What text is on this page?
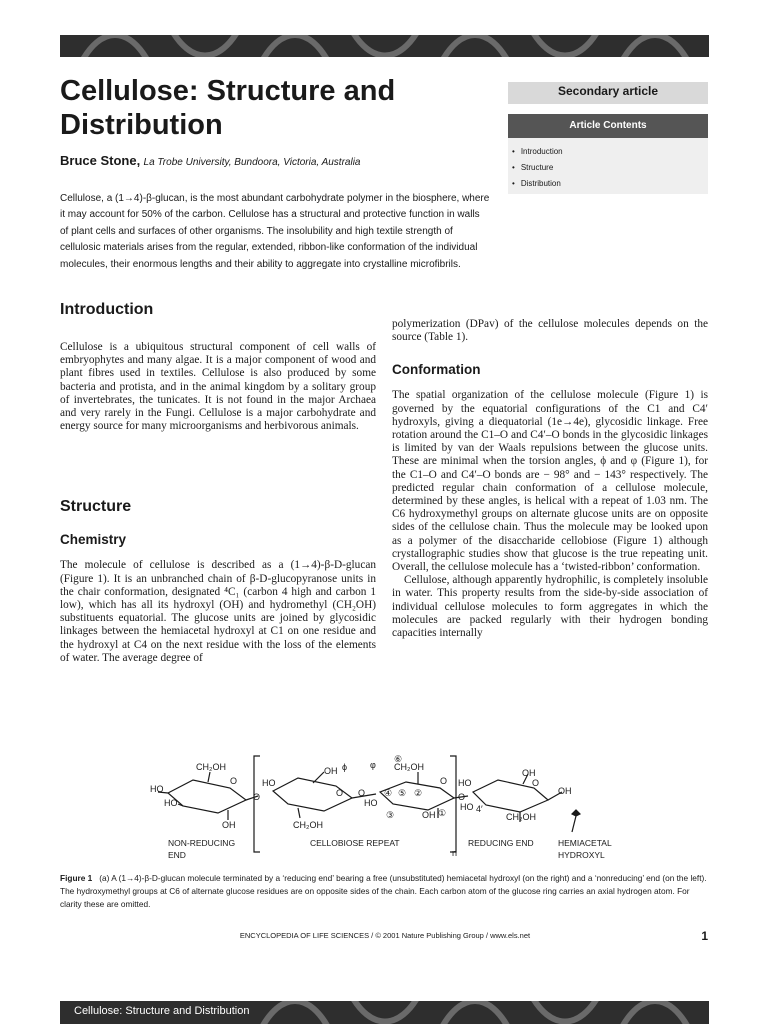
Cellulose: Structure and
Distribution
Bruce Stone, La Trobe University, Bundoora, Victoria, Australia
Cellulose, a (1→4)-β-glucan, is the most abundant carbohydrate polymer in the biosphere, where it may account for 50% of the carbon. Cellulose has a structural and protective function in walls of plant cells and surfaces of other organisms. The insolubility and high textile strength of cellulosic materials arises from the regular, extended, ribbon-like conformation of the individual molecules, their enormous lengths and their ability to aggregate into crystalline microfibrils.
Secondary article
Article Contents
• Introduction
• Structure
• Distribution
Introduction

Cellulose is a ubiquitous structural component of cell walls of embryophytes and many algae. It is a major component of wood and plant fibres used in textiles. Cellulose is also produced by some bacteria and protista, and in the animal kingdom by a solitary group of invertebrates, the tunicates. It is not found in the major Archaea and very rarely in the Fungi. Cellulose is a major carbohydrate and energy source for many microorganisms and herbivorous animals.

Structure
Chemistry

The molecule of cellulose is described as a (1→4)-β-D-glucan (Figure 1). It is an unbranched chain of β-D-glucopyranose units in the chair conformation, designated ⁴C₁ (carbon 4 high and carbon 1 low), which has all its hydroxyl (OH) and hydromethyl (CH₂OH) substituents equatorial. The glucose units are joined by glycosidic linkages between the hemiacetal hydroxyl at C1 on one residue and the hydroxyl at C4 on the next residue with the loss of the elements of water. The average degree of

polymerization (DPav) of the cellulose molecules depends on the source (Table 1).

Conformation

The spatial organization of the cellulose molecule (Figure 1) is governed by the equatorial configurations of the C1 and C4′ hydroxyls, giving a diequatorial (1e→4e), glycosidic linkage. Free rotation around the C1–O and C4′–O bonds in the glycosidic linkages is limited by van der Waals repulsions between the glucose units. These are minimal when the torsion angles, ϕ and φ (Figure 1), for the C1–O and C4′–O bonds are − 98° and − 143° respectively. The predicted regular chain conformation of a cellulose molecule, determined by these angles, is helical with a repeat of 1.03 nm. The C6 hydroxymethyl groups on alternate glucose units are on opposite sides of the cellulose chain. Thus the molecule may be looked upon as a polymer of the disaccharide cellobiose (Figure 1) although crystallographic studies show that glucose is the true repeating unit. Overall, the cellulose molecule has a ‘twisted-ribbon’ conformation.

Cellulose, although apparently hydrophilic, is completely insoluble in water. This property results from the side-by-side association of individual cellulose molecules to form aggregates in which the molecules are packed regularly with their hydrogen bonding capacities internally

CH₂OH
O
HO
HO
OH
O
HO
OH ϕ
O
CH₂OH
O
φ CH₂OH
⑥
O
④ ⑤ ②
HO
③	OH ①
O
HO
OH
O
OH
HO 4′
CH₂OH
n
NON-REDUCING
END
CELLOBIOSE REPEAT	REDUCING END	HEMIACETAL
HYDROXYL
Figure 1 (a) A (1→4)-β-D-glucan molecule terminated by a ‘reducing end’ bearing a free (unsubstituted) hemiacetal hydroxyl (on the right) and a ‘nonreducing’ end (on the left). The hydroxymethyl groups at C6 of alternate glucose residues are on opposite sides of the chain. Each carbon atom of the glucose ring carries an axial hydrogen atom. For clarity these are omitted.
ENCYCLOPEDIA OF LIFE SCIENCES / © 2001 Nature Publishing Group / www.els.net	1
Cellulose: Structure and Distribution
